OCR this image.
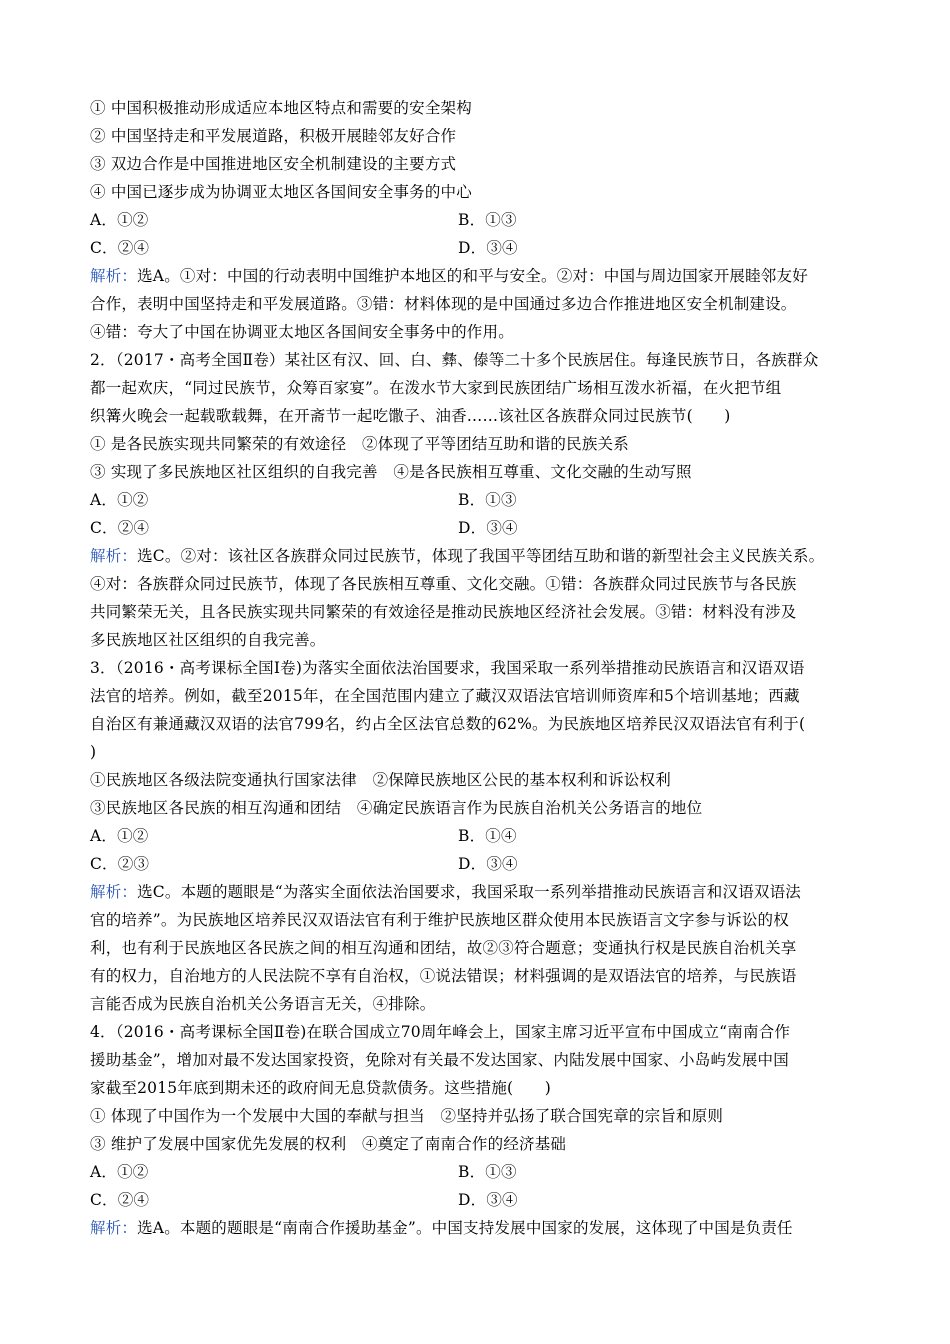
① 中国积极推动形成适应本地区特点和需要的安全架构
② 中国坚持走和平发展道路，积极开展睦邻友好合作
③ 双边合作是中国推进地区安全机制建设的主要方式
④ 中国已逐步成为协调亚太地区各国间安全事务的中心
A．①②	B．①③
C．②④	D．③④
解析：选A。①对：中国的行动表明中国维护本地区的和平与安全。②对：中国与周边国家开展睦邻友好
合作，表明中国坚持走和平发展道路。③错：材料体现的是中国通过多边合作推进地区安全机制建设。
④错：夸大了中国在协调亚太地区各国间安全事务中的作用。
2．（2017・高考全国Ⅱ卷）某社区有汉、回、白、彝、傣等二十多个民族居住。每逢民族节日，各族群众
都一起欢庆，“同过民族节，众筹百家宴”。在泼水节大家到民族团结广场相互泼水祈福，在火把节组
织篝火晚会一起载歌载舞，在开斋节一起吃馓子、油香……该社区各族群众同过民族节(　　)
① 是各民族实现共同繁荣的有效途径　②体现了平等团结互助和谐的民族关系
③ 实现了多民族地区社区组织的自我完善　④是各民族相互尊重、文化交融的生动写照
A．①②	B．①③
C．②④	D．③④
解析：选C。②对：该社区各族群众同过民族节，体现了我国平等团结互助和谐的新型社会主义民族关系。
④对：各族群众同过民族节，体现了各民族相互尊重、文化交融。①错：各族群众同过民族节与各民族
共同繁荣无关，且各民族实现共同繁荣的有效途径是推动民族地区经济社会发展。③错：材料没有涉及
多民族地区社区组织的自我完善。
3．（2016・高考课标全国Ⅰ卷)为落实全面依法治国要求，我国采取一系列举措推动民族语言和汉语双语
法官的培养。例如，截至2015年，在全国范围内建立了藏汉双语法官培训师资库和5个培训基地；西藏
自治区有兼通藏汉双语的法官799名，约占全区法官总数的62%。为民族地区培养民汉双语法官有利于(
)
①民族地区各级法院变通执行国家法律　②保障民族地区公民的基本权利和诉讼权利
③民族地区各民族的相互沟通和团结　④确定民族语言作为民族自治机关公务语言的地位
A．①②	B．①④
C．②③	D．③④
解析：选C。本题的题眼是“为落实全面依法治国要求，我国采取一系列举措推动民族语言和汉语双语法
官的培养”。为民族地区培养民汉双语法官有利于维护民族地区群众使用本民族语言文字参与诉讼的权
利，也有利于民族地区各民族之间的相互沟通和团结，故②③符合题意；变通执行权是民族自治机关享
有的权力，自治地方的人民法院不享有自治权，①说法错误；材料强调的是双语法官的培养，与民族语
言能否成为民族自治机关公务语言无关，④排除。
4．（2016・高考课标全国Ⅱ卷)在联合国成立70周年峰会上，国家主席习近平宣布中国成立“南南合作
援助基金”，增加对最不发达国家投资，免除对有关最不发达国家、内陆发展中国家、小岛屿发展中国
家截至2015年底到期未还的政府间无息贷款债务。这些措施(　　)
① 体现了中国作为一个发展中大国的奉献与担当　②坚持并弘扬了联合国宪章的宗旨和原则
③ 维护了发展中国家优先发展的权利　④奠定了南南合作的经济基础
A．①②	B．①③
C．②④	D．③④
解析：选A。本题的题眼是“南南合作援助基金”。中国支持发展中国家的发展，这体现了中国是负责任
